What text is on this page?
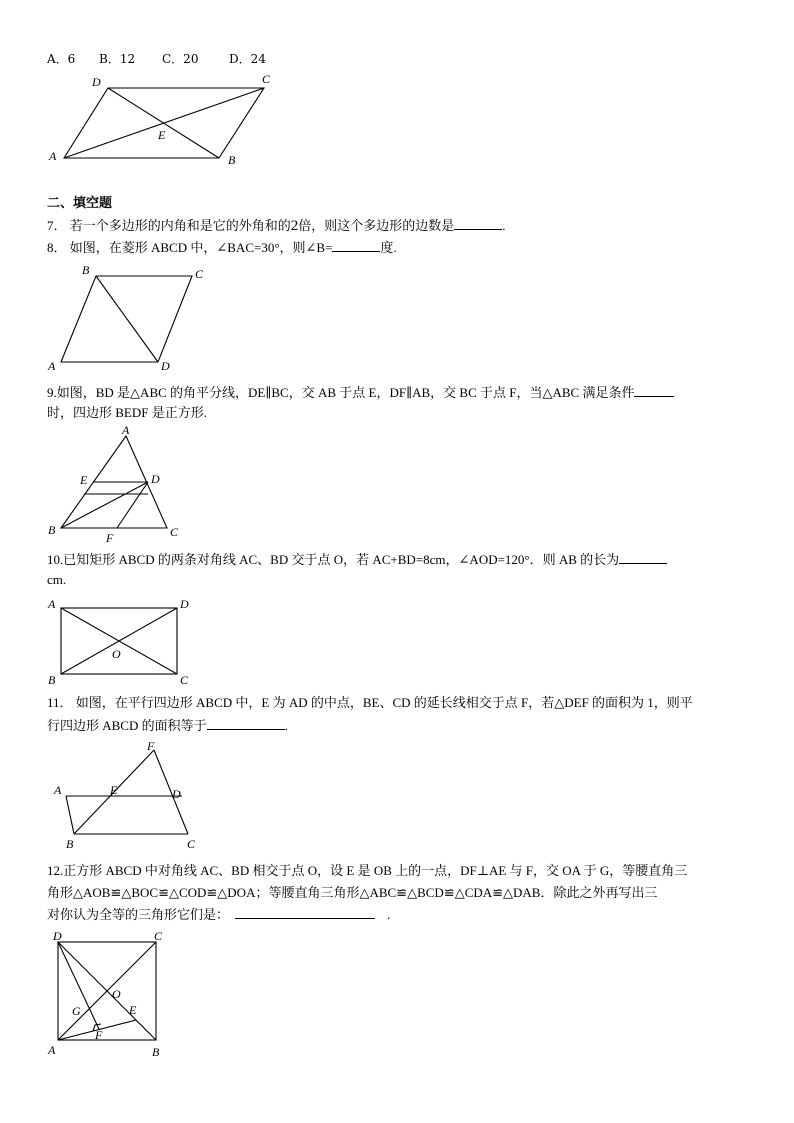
A．6 B．12 C．20	D．24
D	C
E
A	B
二、填空题
7． 若一个多边形的内角和是它的外角和的2倍，则这个多边形的边数是	.
8． 如图，在菱形 ABCD 中，∠BAC=30°，则∠B=	度.
B	C
A	D
9.如图，BD 是△ABC 的角平分线，DE∥BC，交 AB 于点 E，DF∥AB，交 BC 于点 F，当△ABC 满足条件
时，四边形 BEDF 是正方形.
A
E	D
B
F	C
10.已知矩形 ABCD 的两条对角线 AC、BD 交于点 O，若 AC+BD=8cm，∠AOD=120°．则 AB 的长为
cm.
A	D
O
B	C
11． 如图，在平行四边形 ABCD 中，E 为 AD 的中点，BE、CD 的延长线相交于点 F，若△DEF 的面积为 1，则平
行四边形 ABCD 的面积等于	.
F
A	E	D
B	C
12.正方形 ABCD 中对角线 AC、BD 相交于点 O，设 E 是 OB 上的一点，DF⊥AE 与 F，交 OA 于 G，等腰直角三
角形△AOB≌△BOC≌△COD≌△DOA；等腰直角三角形△ABC≌△BCD≌△CDA≌△DAB．除此之外再写出三
对你认为全等的三角形它们是：	.
D	C
O
G	E
F
A	B
